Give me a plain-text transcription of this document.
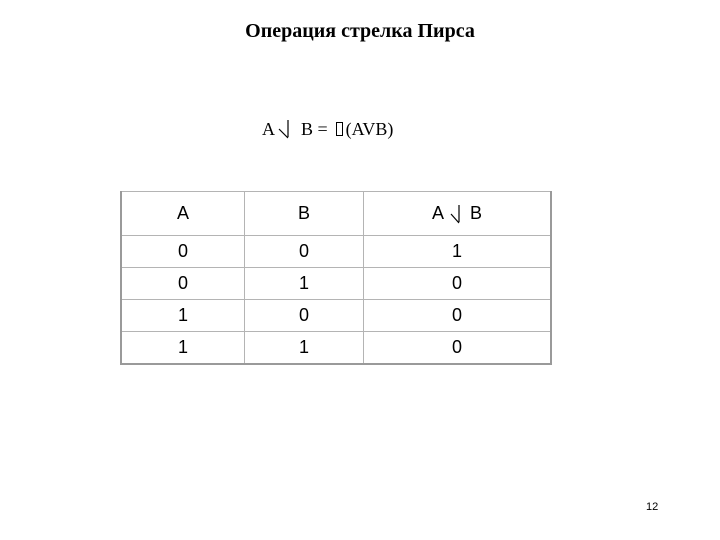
Операция стрелка Пирса
A B = (AVB)
A	B	A B

0	0	1
0	1	0
1	0	0
1	1	0
12
